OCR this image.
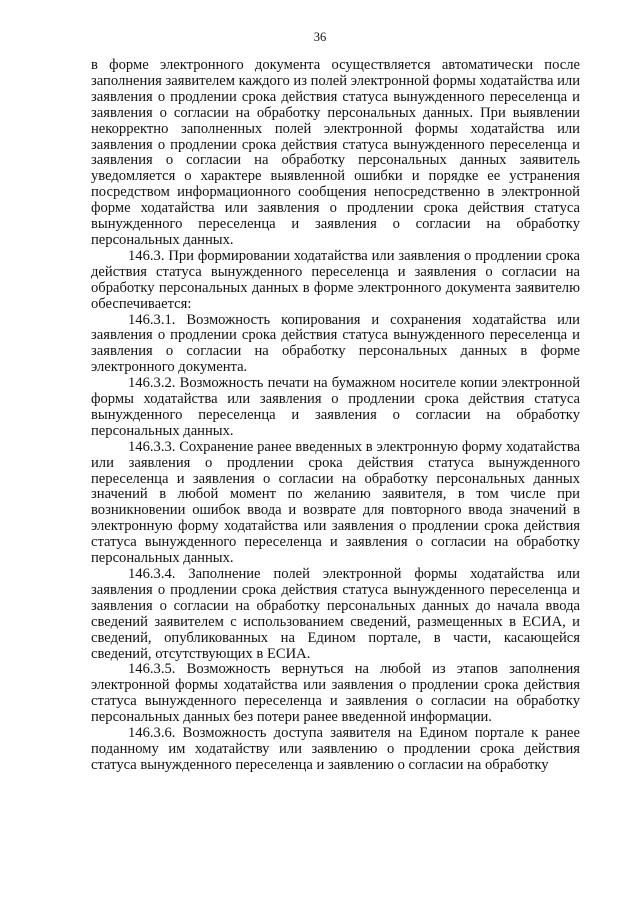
36

в форме электронного документа осуществляется автоматически после заполнения заявителем каждого из полей электронной формы ходатайства или заявления о продлении срока действия статуса вынужденного переселенца и заявления о согласии на обработку персональных данных. При выявлении некорректно заполненных полей электронной формы ходатайства или заявления о продлении срока действия статуса вынужденного переселенца и заявления о согласии на обработку персональных данных заявитель уведомляется о характере выявленной ошибки и порядке ее устранения посредством информационного сообщения непосредственно в электронной форме ходатайства или заявления о продлении срока действия статуса вынужденного переселенца и заявления о согласии на обработку персональных данных.

146.3. При формировании ходатайства или заявления о продлении срока действия статуса вынужденного переселенца и заявления о согласии на обработку персональных данных в форме электронного документа заявителю обеспечивается:

146.3.1. Возможность копирования и сохранения ходатайства или заявления о продлении срока действия статуса вынужденного переселенца и заявления о согласии на обработку персональных данных в форме электронного документа.

146.3.2. Возможность печати на бумажном носителе копии электронной формы ходатайства или заявления о продлении срока действия статуса вынужденного переселенца и заявления о согласии на обработку персональных данных.

146.3.3. Сохранение ранее введенных в электронную форму ходатайства или заявления о продлении срока действия статуса вынужденного переселенца и заявления о согласии на обработку персональных данных значений в любой момент по желанию заявителя, в том числе при возникновении ошибок ввода и возврате для повторного ввода значений в электронную форму ходатайства или заявления о продлении срока действия статуса вынужденного переселенца и заявления о согласии на обработку персональных данных.

146.3.4. Заполнение полей электронной формы ходатайства или заявления о продлении срока действия статуса вынужденного переселенца и заявления о согласии на обработку персональных данных до начала ввода сведений заявителем с использованием сведений, размещенных в ЕСИА, и сведений, опубликованных на Едином портале, в части, касающейся сведений, отсутствующих в ЕСИА.

146.3.5. Возможность вернуться на любой из этапов заполнения электронной формы ходатайства или заявления о продлении срока действия статуса вынужденного переселенца и заявления о согласии на обработку персональных данных без потери ранее введенной информации.

146.3.6. Возможность доступа заявителя на Едином портале к ранее поданному им ходатайству или заявлению о продлении срока действия статуса вынужденного переселенца и заявлению о согласии на обработку
